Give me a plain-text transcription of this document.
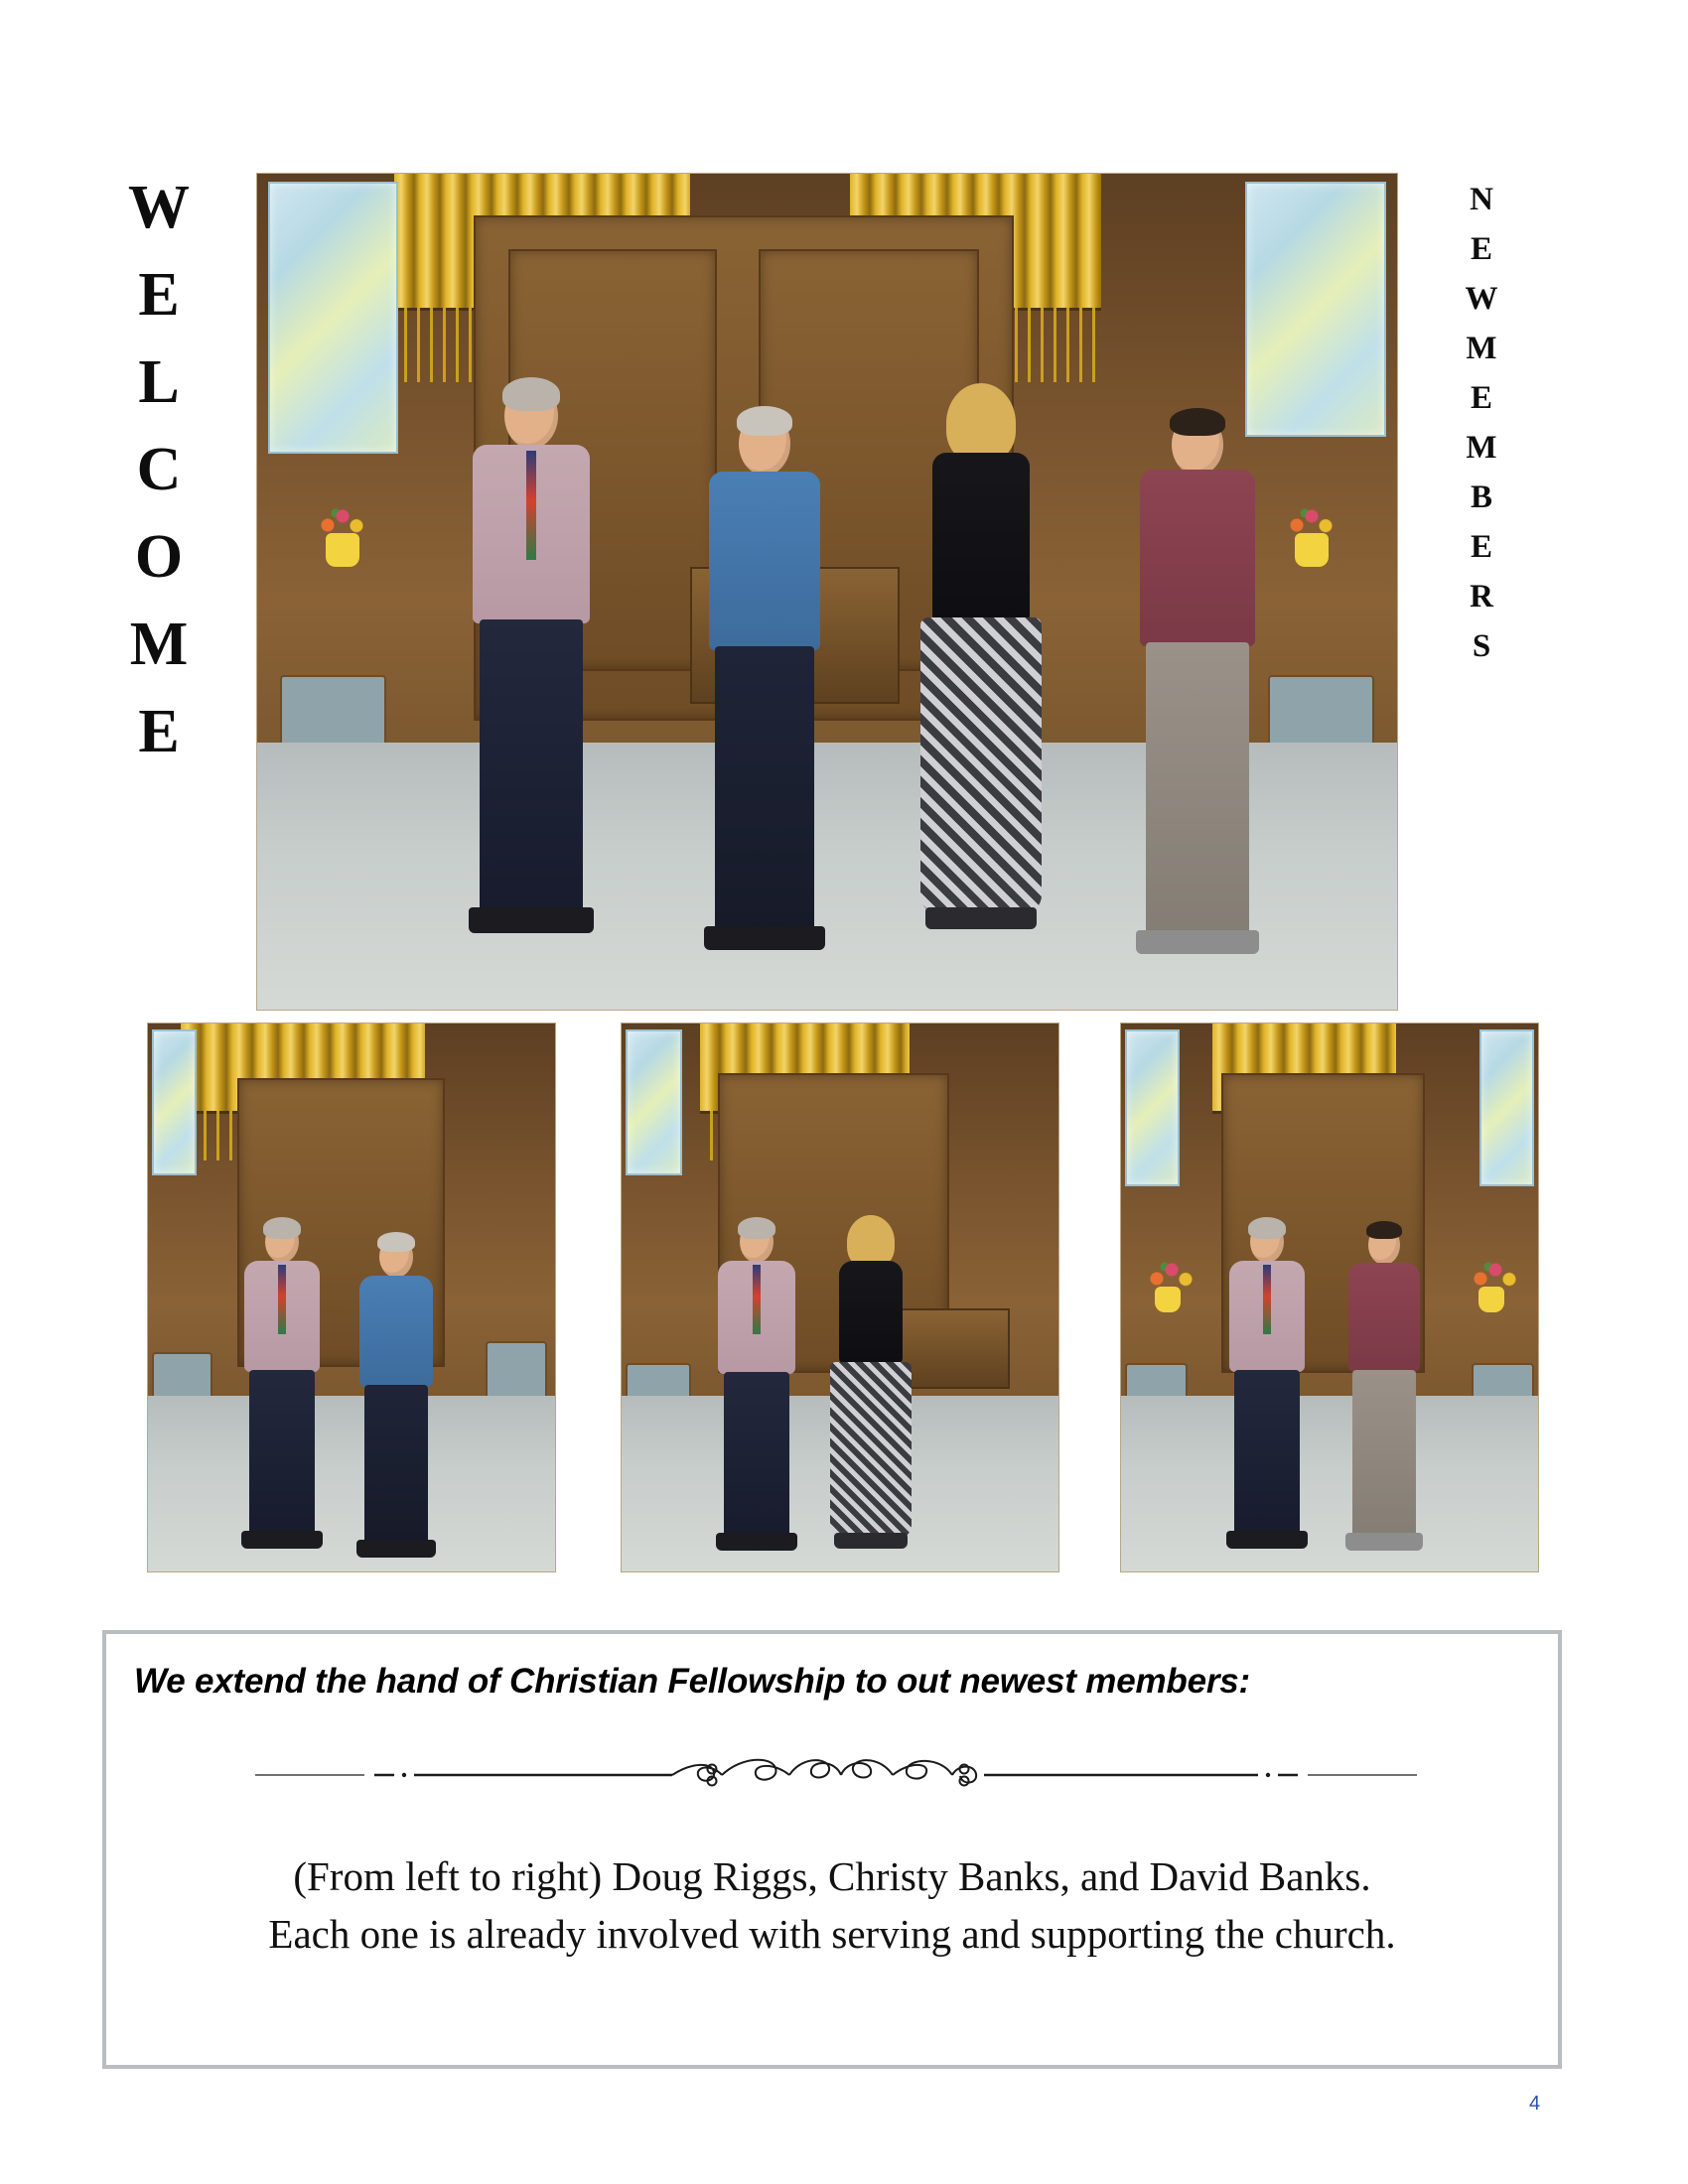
W
E
L
C
O
M
E
N
E
W
M
E
M
B
E
R
S
We extend the hand of Christian Fellowship to out newest members:
(From left to right) Doug Riggs, Christy Banks, and David Banks.
Each one is already involved with serving and supporting the church.
4
